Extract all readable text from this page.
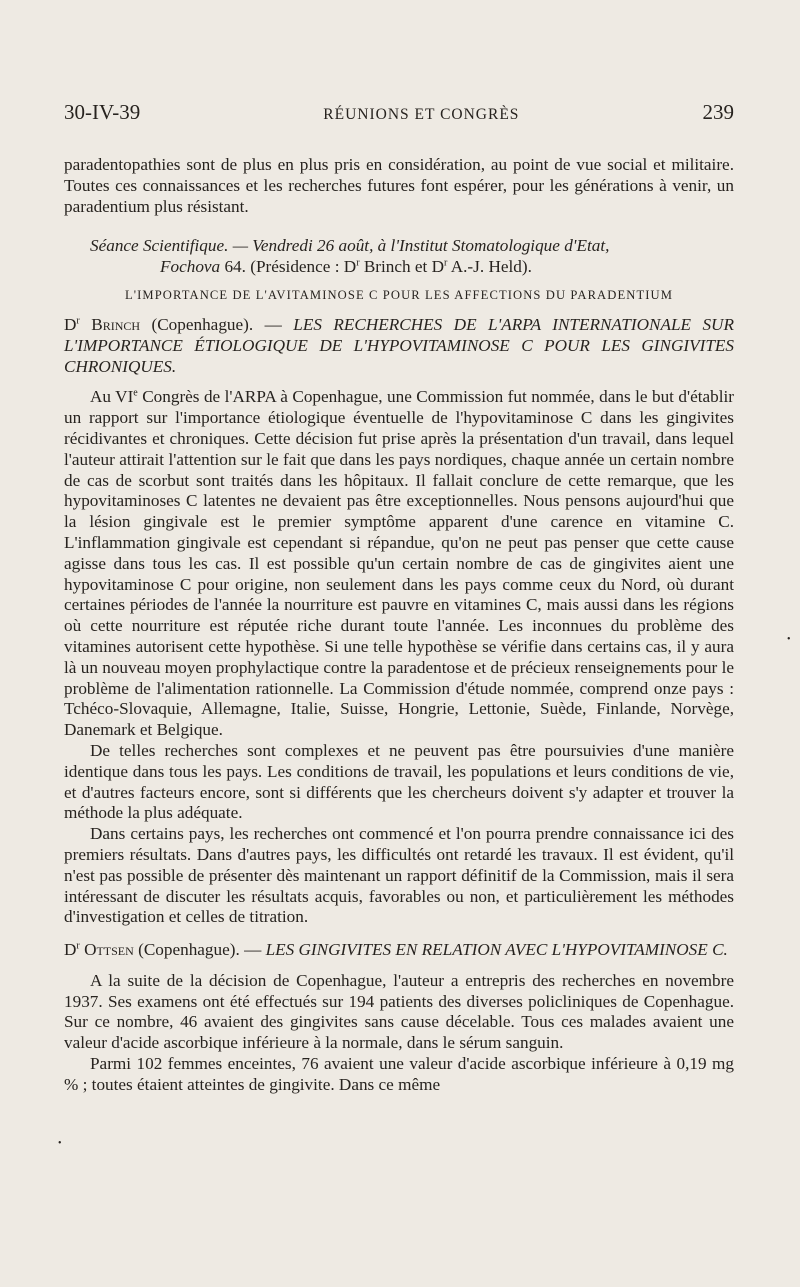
30-IV-39	RÉUNIONS ET CONGRÈS	239

paradentopathies sont de plus en plus pris en considération, au point de vue social et militaire. Toutes ces connaissances et les recherches futures font espérer, pour les générations à venir, un paradentium plus résistant.

Séance Scientifique. — Vendredi 26 août, à l'Institut Stomatologique d'Etat,
Fochova 64. (Présidence : $D^r$ Brinch et $D^r$ A.-J. Held).

L'IMPORTANCE DE L'AVITAMINOSE C POUR LES AFFECTIONS DU PARADENTIUM

$D^r$ Brinch (Copenhague). — LES RECHERCHES DE L'ARPA INTERNATIONALE SUR L'IMPORTANCE ÉTIOLOGIQUE DE L'HYPOVITAMINOSE C POUR LES GINGIVITES CHRONIQUES.

Au VIe Congrès de l'ARPA à Copenhague, une Commission fut nommée, dans le but d'établir un rapport sur l'importance étiologique éventuelle de l'hypovitaminose C dans les gingivites récidivantes et chroniques. Cette décision fut prise après la présentation d'un travail, dans lequel l'auteur attirait l'attention sur le fait que dans les pays nordiques, chaque année un certain nombre de cas de scorbut sont traités dans les hôpitaux. Il fallait conclure de cette remarque, que les hypovitaminoses C latentes ne devaient pas être exceptionnelles. Nous pensons aujourd'hui que la lésion gingivale est le premier symptôme apparent d'une carence en vitamine C. L'inflammation gingivale est cependant si répandue, qu'on ne peut pas penser que cette cause agisse dans tous les cas. Il est possible qu'un certain nombre de cas de gingivites aient une hypovitaminose C pour origine, non seulement dans les pays comme ceux du Nord, où durant certaines périodes de l'année la nourriture est pauvre en vitamines C, mais aussi dans les régions où cette nourriture est réputée riche durant toute l'année. Les inconnues du problème des vitamines autorisent cette hypothèse. Si une telle hypothèse se vérifie dans certains cas, il y aura là un nouveau moyen prophylactique contre la paradentose et de précieux renseignements pour le problème de l'alimentation rationnelle. La Commission d'étude nommée, comprend onze pays : Tchéco-Slovaquie, Allemagne, Italie, Suisse, Hongrie, Lettonie, Suède, Finlande, Norvège, Danemark et Belgique.

De telles recherches sont complexes et ne peuvent pas être poursuivies d'une manière identique dans tous les pays. Les conditions de travail, les populations et leurs conditions de vie, et d'autres facteurs encore, sont si différents que les chercheurs doivent s'y adapter et trouver la méthode la plus adéquate.

Dans certains pays, les recherches ont commencé et l'on pourra prendre connaissance ici des premiers résultats. Dans d'autres pays, les difficultés ont retardé les travaux. Il est évident, qu'il n'est pas possible de présenter dès maintenant un rapport définitif de la Commission, mais il sera intéressant de discuter les résultats acquis, favorables ou non, et particulièrement les méthodes d'investigation et celles de titration.

$D^r$ Ottsen (Copenhague). — LES GINGIVITES EN RELATION AVEC L'HYPOVITAMINOSE C.

A la suite de la décision de Copenhague, l'auteur a entrepris des recherches en novembre 1937. Ses examens ont été effectués sur 194 patients des diverses policliniques de Copenhague. Sur ce nombre, 46 avaient des gingivites sans cause décelable. Tous ces malades avaient une valeur d'acide ascorbique inférieure à la normale, dans le sérum sanguin.

Parmi 102 femmes enceintes, 76 avaient une valeur d'acide ascorbique inférieure à 0,19 mg % ; toutes étaient atteintes de gingivite. Dans ce même

•
•
